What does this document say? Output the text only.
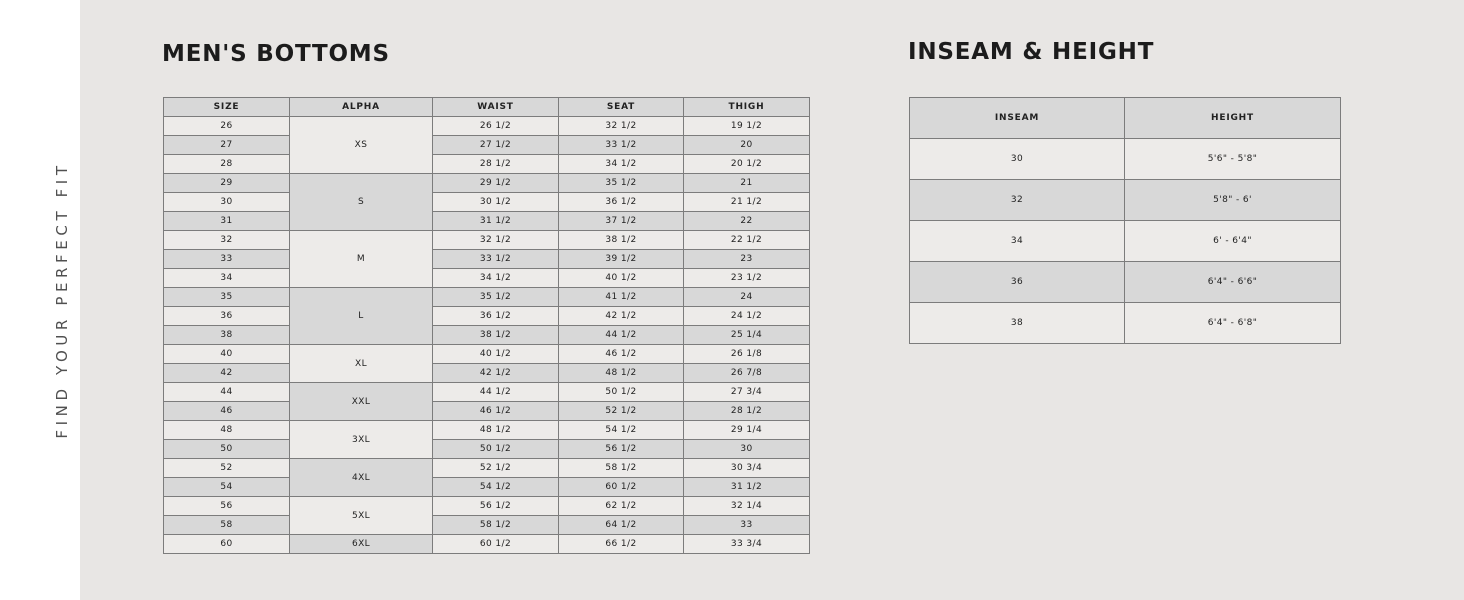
FIND YOUR PERFECT FIT
MEN'S BOTTOMS
SIZE	ALPHA	WAIST	SEAT	THIGH
26	XS	26 1/2	32 1/2	19 1/2
27		27 1/2	33 1/2	20
28		28 1/2	34 1/2	20 1/2
29	S	29 1/2	35 1/2	21
30		30 1/2	36 1/2	21 1/2
31		31 1/2	37 1/2	22
32	M	32 1/2	38 1/2	22 1/2
33		33 1/2	39 1/2	23
34		34 1/2	40 1/2	23 1/2
35	L	35 1/2	41 1/2	24
36		36 1/2	42 1/2	24 1/2
38		38 1/2	44 1/2	25 1/4
40	XL	40 1/2	46 1/2	26 1/8
42		42 1/2	48 1/2	26 7/8
44	XXL	44 1/2	50 1/2	27 3/4
46		46 1/2	52 1/2	28 1/2
48	3XL	48 1/2	54 1/2	29 1/4
50		50 1/2	56 1/2	30
52	4XL	52 1/2	58 1/2	30 3/4
54		54 1/2	60 1/2	31 1/2
56	5XL	56 1/2	62 1/2	32 1/4
58		58 1/2	64 1/2	33
60	6XL	60 1/2	66 1/2	33 3/4
INSEAM & HEIGHT
INSEAM	HEIGHT
30	5'6" - 5'8"
32	5'8" - 6'
34	6' - 6'4"
36	6'4" - 6'6"
38	6'4" - 6'8"
